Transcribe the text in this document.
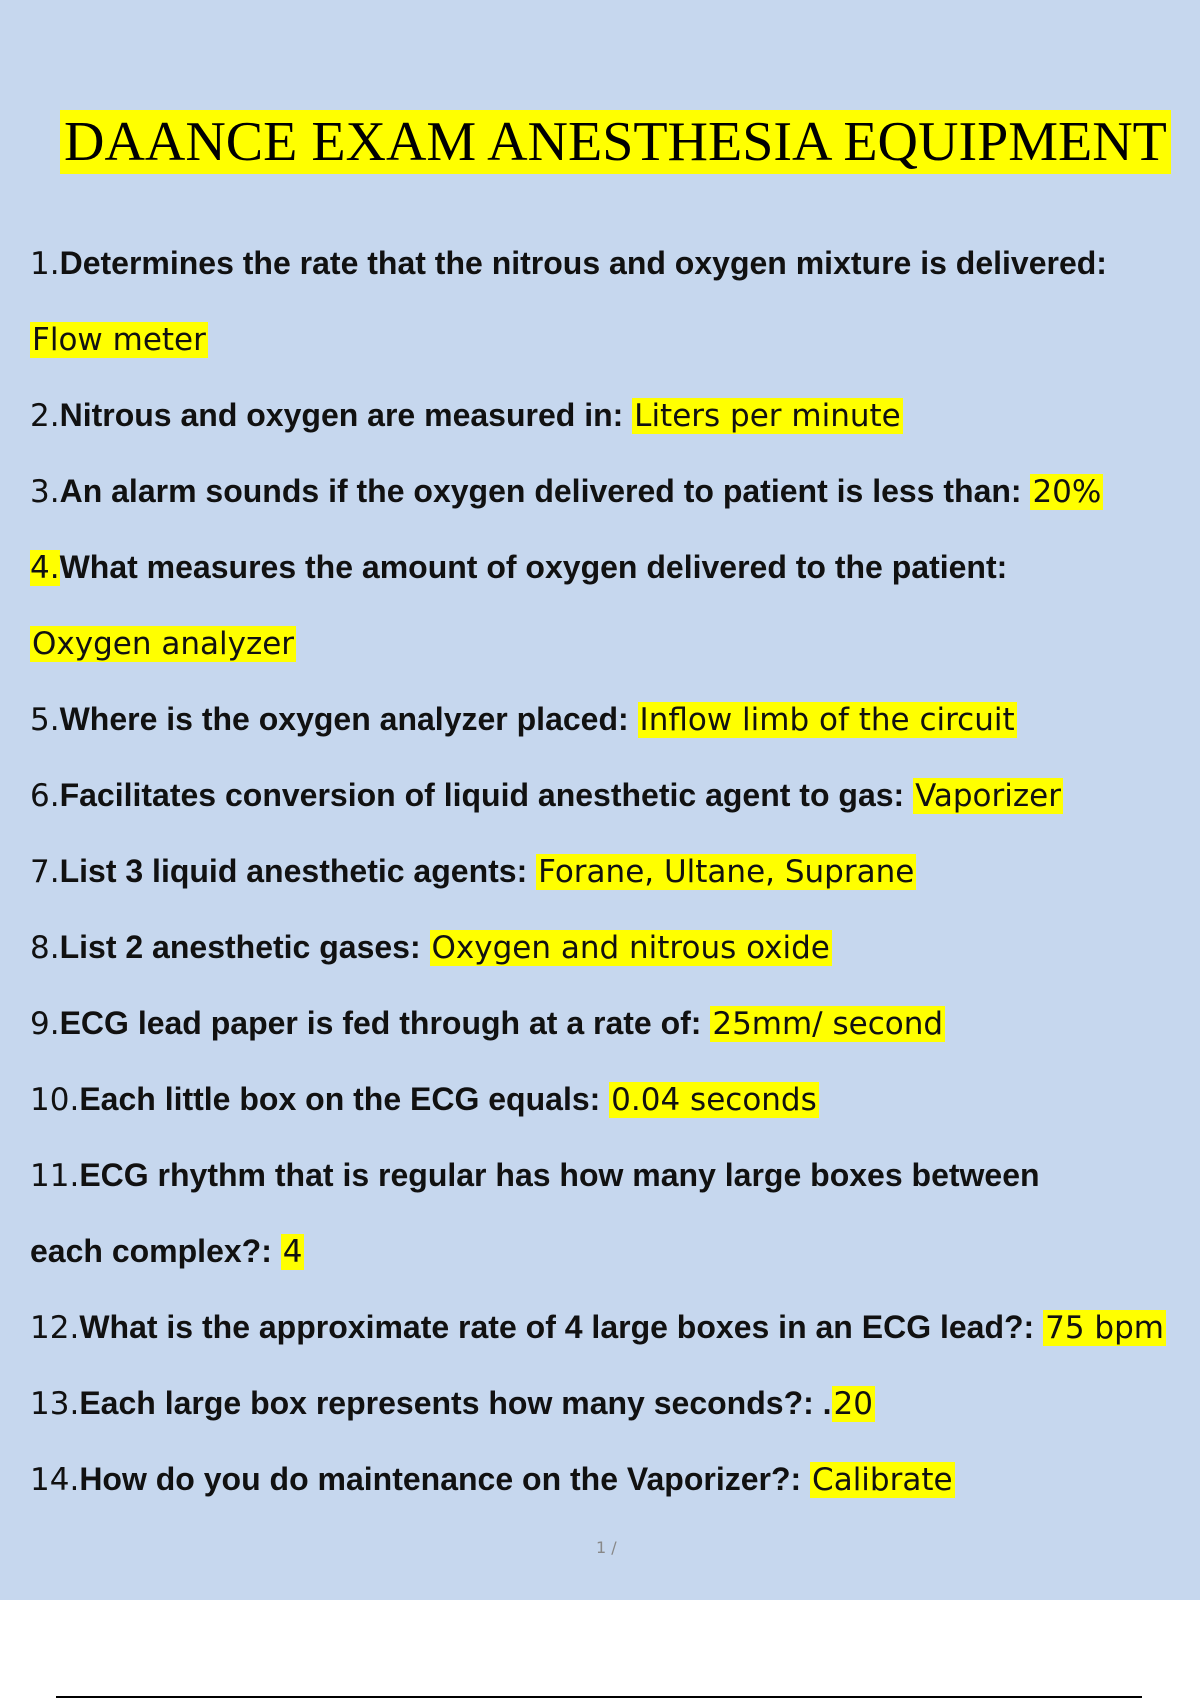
DAANCE EXAM ANESTHESIA EQUIPMENT
1.Determines the rate that the nitrous and oxygen mixture is delivered:
Flow meter
2.Nitrous and oxygen are measured in: Liters per minute
3.An alarm sounds if the oxygen delivered to patient is less than: 20%
4.What measures the amount of oxygen delivered to the patient:
Oxygen analyzer
5.Where is the oxygen analyzer placed: Inflow limb of the circuit
6.Facilitates conversion of liquid anesthetic agent to gas: Vaporizer
7.List 3 liquid anesthetic agents: Forane, Ultane, Suprane
8.List 2 anesthetic gases: Oxygen and nitrous oxide
9.ECG lead paper is fed through at a rate of: 25mm/ second
10.Each little box on the ECG equals: 0.04 seconds
11.ECG rhythm that is regular has how many large boxes between
each complex?: 4
12.What is the approximate rate of 4 large boxes in an ECG lead?: 75 bpm
13.Each large box represents how many seconds?: .20
14.How do you do maintenance on the Vaporizer?: Calibrate
1 /
